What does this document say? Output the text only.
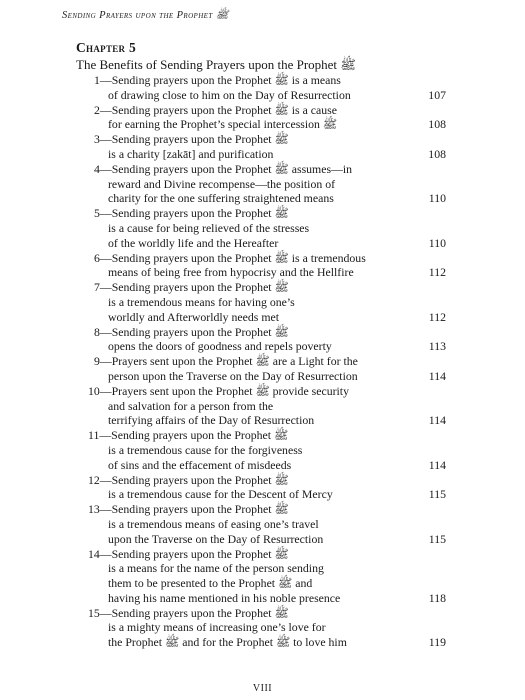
Sending Prayers upon the Prophet ﷺ
Chapter 5
The Benefits of Sending Prayers upon the Prophet ﷺ
1—Sending prayers upon the Prophet ﷺ is a means
of drawing close to him on the Day of Resurrection	107
2—Sending prayers upon the Prophet ﷺ is a cause
for earning the Prophet’s special intercession ﷺ	108
3—Sending prayers upon the Prophet ﷺ
is a charity [zakāt] and purification	108
4—Sending prayers upon the Prophet ﷺ assumes—in
reward and Divine recompense—the position of
charity for the one suffering straightened means	110
5—Sending prayers upon the Prophet ﷺ
is a cause for being relieved of the stresses
of the worldly life and the Hereafter	110
6—Sending prayers upon the Prophet ﷺ is a tremendous
means of being free from hypocrisy and the Hellfire	112
7—Sending prayers upon the Prophet ﷺ
is a tremendous means for having one’s
worldly and Afterworldly needs met	112
8—Sending prayers upon the Prophet ﷺ
opens the doors of goodness and repels poverty	113
9—Prayers sent upon the Prophet ﷺ are a Light for the
person upon the Traverse on the Day of Resurrection	114
10—Prayers sent upon the Prophet ﷺ provide security
and salvation for a person from the
terrifying affairs of the Day of Resurrection	114
11—Sending prayers upon the Prophet ﷺ
is a tremendous cause for the forgiveness
of sins and the effacement of misdeeds	114
12—Sending prayers upon the Prophet ﷺ
is a tremendous cause for the Descent of Mercy	115
13—Sending prayers upon the Prophet ﷺ
is a tremendous means of easing one’s travel
upon the Traverse on the Day of Resurrection	115
14—Sending prayers upon the Prophet ﷺ
is a means for the name of the person sending
them to be presented to the Prophet ﷺ and
having his name mentioned in his noble presence	118
15—Sending prayers upon the Prophet ﷺ
is a mighty means of increasing one’s love for
the Prophet ﷺ and for the Prophet ﷺ to love him	119
VIII
